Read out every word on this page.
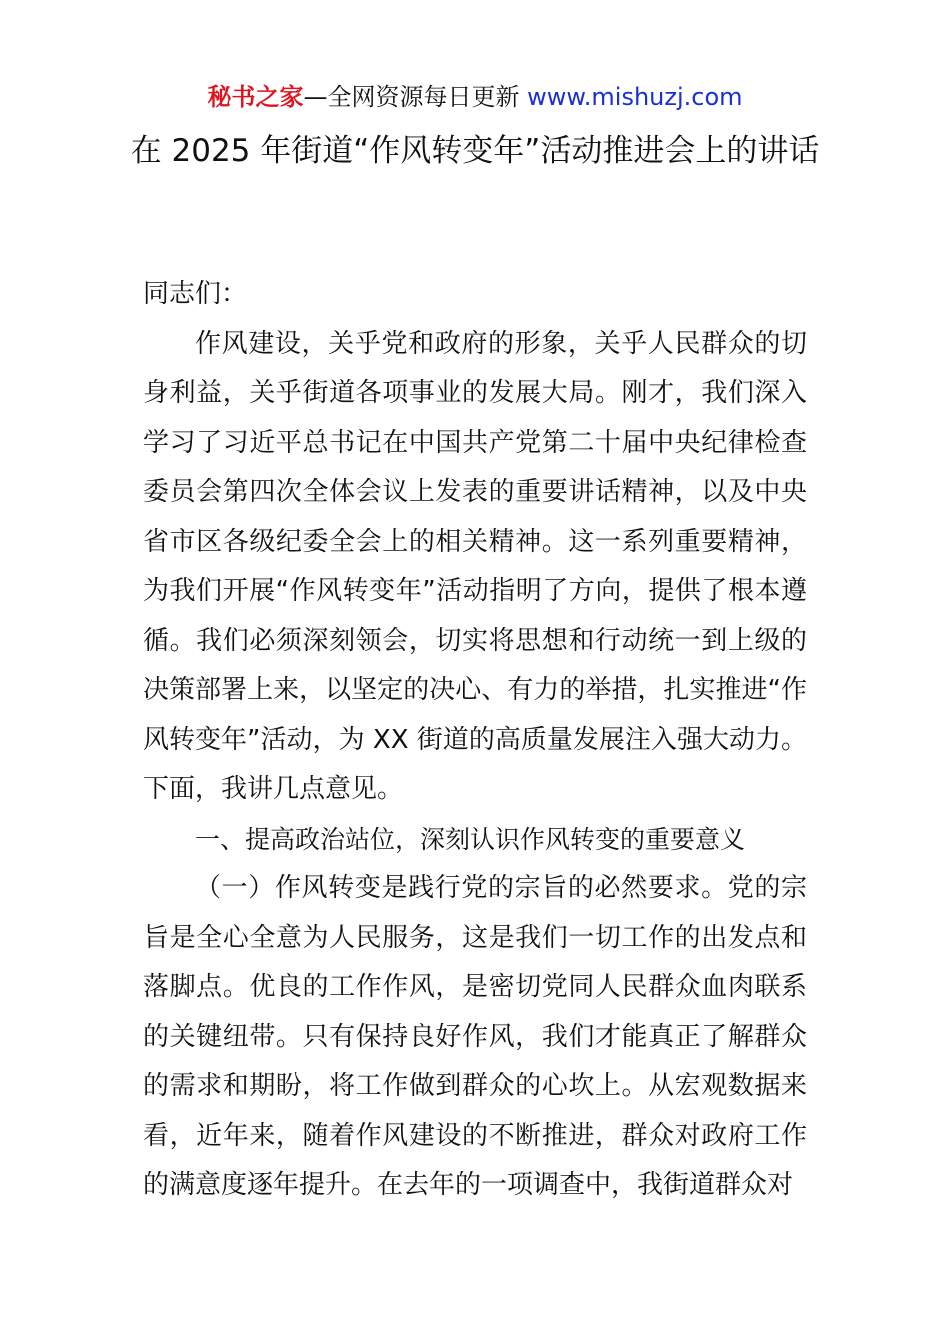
秘书之家—全网资源每日更新 www.mishuzj.com
在 2025 年街道“作风转变年”活动推进会上的讲话

同志们：

作风建设，关乎党和政府的形象，关乎人民群众的切身利益，关乎街道各项事业的发展大局。刚才，我们深入学习了习近平总书记在中国共产党第二十届中央纪律检查委员会第四次全体会议上发表的重要讲话精神，以及中央省市区各级纪委全会上的相关精神。这一系列重要精神，为我们开展“作风转变年”活动指明了方向，提供了根本遵循。我们必须深刻领会，切实将思想和行动统一到上级的决策部署上来，以坚定的决心、有力的举措，扎实推进“作风转变年”活动，为 XX 街道的高质量发展注入强大动力。下面，我讲几点意见。

一、提高政治站位，深刻认识作风转变的重要意义

（一）作风转变是践行党的宗旨的必然要求。党的宗旨是全心全意为人民服务，这是我们一切工作的出发点和落脚点。优良的工作作风，是密切党同人民群众血肉联系的关键纽带。只有保持良好作风，我们才能真正了解群众的需求和期盼，将工作做到群众的心坎上。从宏观数据来看，近年来，随着作风建设的不断推进，群众对政府工作的满意度逐年提升。在去年的一项调查中，我街道群众对
